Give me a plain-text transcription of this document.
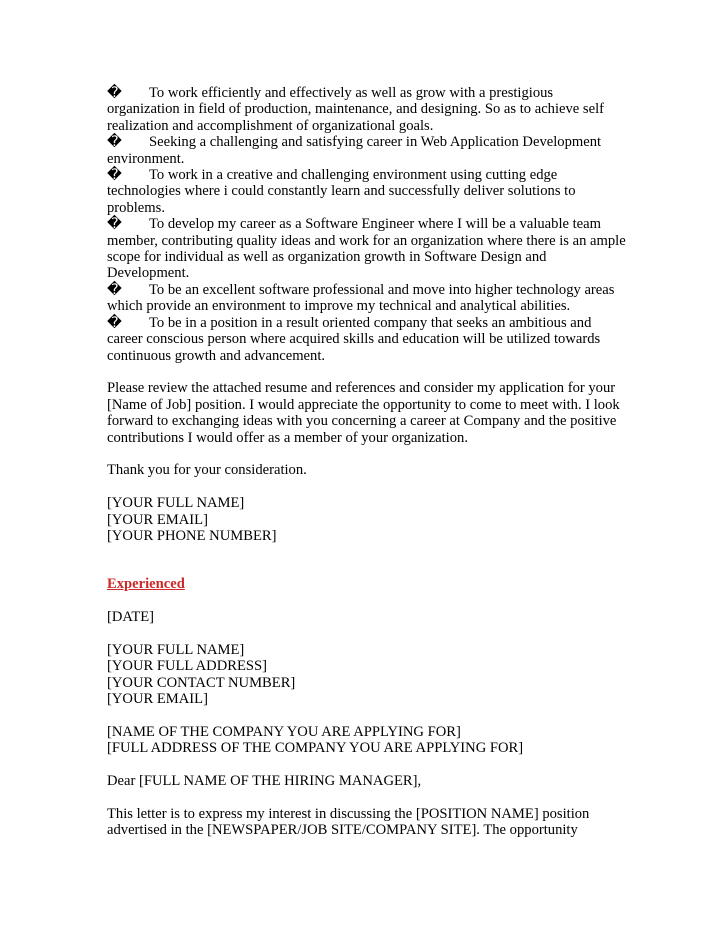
� To work efficiently and effectively as well as grow with a prestigious organization in field of production, maintenance, and designing. So as to achieve self realization and accomplishment of organizational goals.
� Seeking a challenging and satisfying career in Web Application Development environment.
� To work in a creative and challenging environment using cutting edge technologies where i could constantly learn and successfully deliver solutions to problems.
� To develop my career as a Software Engineer where I will be a valuable team member, contributing quality ideas and work for an organization where there is an ample scope for individual as well as organization growth in Software Design and Development.
� To be an excellent software professional and move into higher technology areas which provide an environment to improve my technical and analytical abilities.
� To be in a position in a result oriented company that seeks an ambitious and career conscious person where acquired skills and education will be utilized towards continuous growth and advancement.
Please review the attached resume and references and consider my application for your [Name of Job] position. I would appreciate the opportunity to come to meet with. I look forward to exchanging ideas with you concerning a career at Company and the positive contributions I would offer as a member of your organization.
Thank you for your consideration.
[YOUR FULL NAME]
[YOUR EMAIL]
[YOUR PHONE NUMBER]
Experienced
[DATE]
[YOUR FULL NAME]
[YOUR FULL ADDRESS]
[YOUR CONTACT NUMBER]
[YOUR EMAIL]
[NAME OF THE COMPANY YOU ARE APPLYING FOR]
[FULL ADDRESS OF THE COMPANY YOU ARE APPLYING FOR]
Dear [FULL NAME OF THE HIRING MANAGER],
This letter is to express my interest in discussing the [POSITION NAME] position advertised in the [NEWSPAPER/JOB SITE/COMPANY SITE]. The opportunity
